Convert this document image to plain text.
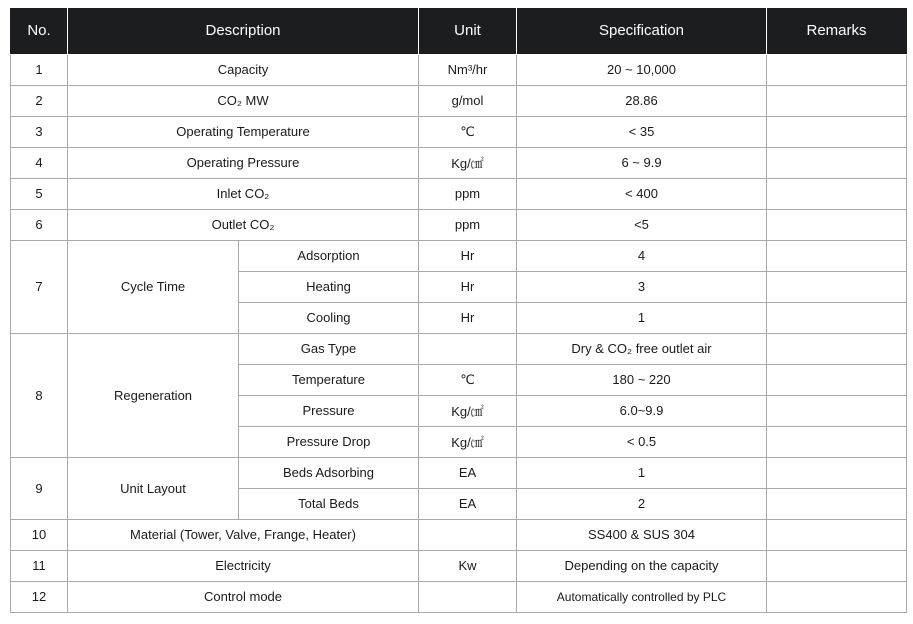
No.	Description		Unit	Specification	Remarks
1	Capacity		Nm³/hr	20 ~ 10,000	
2	CO₂ MW		g/mol	28.86	
3	Operating Temperature		℃	< 35	
4	Operating Pressure		Kg/㎠	6 ~ 9.9	
5	Inlet CO₂		ppm	< 400	
6	Outlet CO₂		ppm	<5	
7	Cycle Time	Adsorption	Hr	4	
		Heating	Hr	3	
		Cooling	Hr	1	
8	Regeneration	Gas Type		Dry & CO₂ free outlet air	
		Temperature	℃	180 ~ 220	
		Pressure	Kg/㎠	6.0~9.9	
		Pressure Drop	Kg/㎠	< 0.5	
9	Unit Layout	Beds Adsorbing	EA	1	
		Total Beds	EA	2	
10	Material (Tower, Valve, Frange, Heater)			SS400 & SUS 304	
11	Electricity		Kw	Depending on the capacity	
12	Control mode			Automatically controlled by PLC	
